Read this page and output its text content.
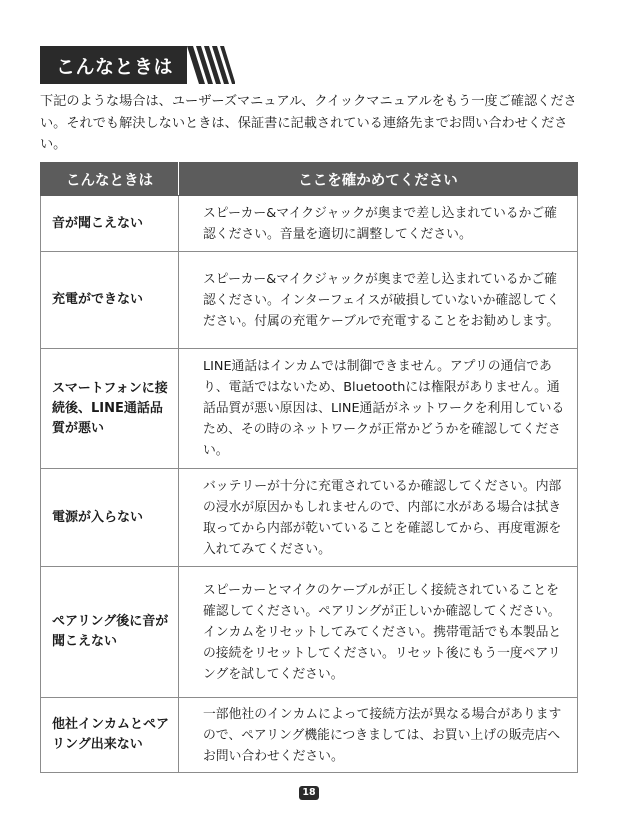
こんなときは

下記のような場合は、ユーザーズマニュアル、クイックマニュアルをもう一度ご確認ください。それでも解決しないときは、保証書に記載されている連絡先までお問い合わせください。

こんなときは	ここを確かめてください
音が聞こえない	スピーカー&マイクジャックが奥まで差し込まれているかご確認ください。音量を適切に調整してください。
充電ができない	スピーカー&マイクジャックが奥まで差し込まれているかご確認ください。インターフェイスが破損していないか確認してください。付属の充電ケーブルで充電することをお勧めします。
スマートフォンに接続後、LINE通話品質が悪い	LINE通話はインカムでは制御できません。アプリの通信であり、電話ではないため、Bluetoothには権限がありません。通話品質が悪い原因は、LINE通話がネットワークを利用しているため、その時のネットワークが正常かどうかを確認してください。
電源が入らない	バッテリーが十分に充電されているか確認してください。内部の浸水が原因かもしれませんので、内部に水がある場合は拭き取ってから内部が乾いていることを確認してから、再度電源を入れてみてください。
ペアリング後に音が聞こえない	スピーカーとマイクのケーブルが正しく接続されていることを確認してください。ペアリングが正しいか確認してください。インカムをリセットしてみてください。携帯電話でも本製品との接続をリセットしてください。リセット後にもう一度ペアリングを試してください。
他社インカムとペアリング出来ない	一部他社のインカムによって接続方法が異なる場合がありますので、ペアリング機能につきましては、お買い上げの販売店へお問い合わせください。
18
